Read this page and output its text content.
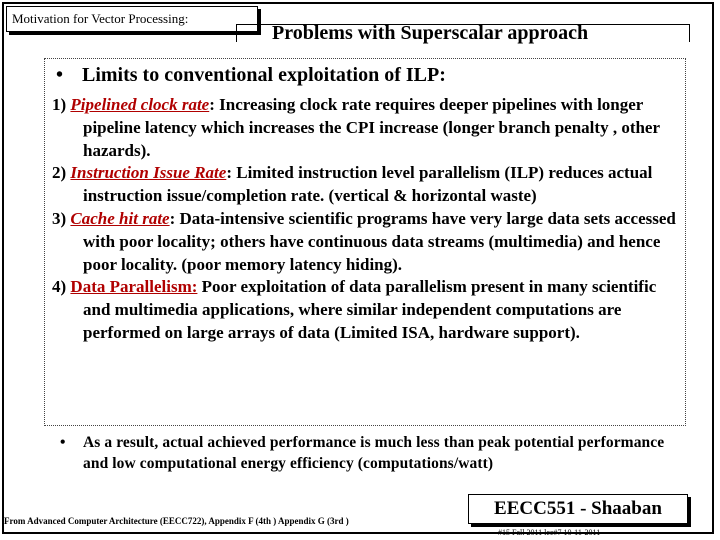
Motivation for Vector Processing:
Problems with Superscalar approach
• Limits to conventional exploitation of ILP:

1) Pipelined clock rate: Increasing clock rate requires deeper pipelines with longer pipeline latency which increases the CPI increase (longer branch penalty , other hazards).

2) Instruction Issue Rate: Limited instruction level parallelism (ILP) reduces actual instruction issue/completion rate. (vertical & horizontal waste)

3) Cache hit rate: Data-intensive scientific programs have very large data sets accessed with poor locality; others have continuous data streams (multimedia) and hence poor locality. (poor memory latency hiding).

4) Data Parallelism: Poor exploitation of data parallelism present in many scientific and multimedia applications, where similar independent computations are performed on large arrays of data (Limited ISA, hardware support).

•	As a result, actual achieved performance is much less than peak potential performance and low computational energy efficiency (computations/watt)
EECC551 - Shaaban
From Advanced Computer Architecture (EECC722), Appendix F (4th ) Appendix G (3rd )
#15 Fall 2011 lec#7 10-11-2011
